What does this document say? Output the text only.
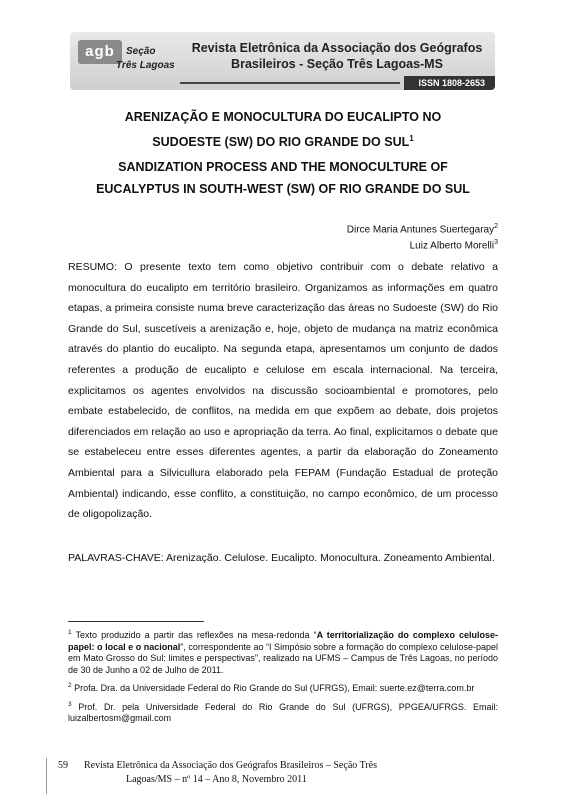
agb	Seção
Três Lagoas
Revista Eletrônica da Associação dos Geógrafos
Brasileiros - Seção Três Lagoas-MS
ISSN 1808-2653
ARENIZAÇÃO E MONOCULTURA DO EUCALIPTO NO
SUDOESTE (SW) DO RIO GRANDE DO SUL$^1$
SANDIZATION PROCESS AND THE MONOCULTURE OF
EUCALYPTUS IN SOUTH-WEST (SW) OF RIO GRANDE DO SUL
Dirce Maria Antunes Suertegaray$^2$
Luiz Alberto Morelli$^3$

RESUMO: O presente texto tem como objetivo contribuir com o debate relativo a monocultura do eucalipto em território brasileiro. Organizamos as informações em quatro etapas, a primeira consiste numa breve caracterização das áreas no Sudoeste (SW) do Rio Grande do Sul, suscetíveis a arenização e, hoje, objeto de mudança na matriz econômica através do plantio do eucalipto. Na segunda etapa, apresentamos um conjunto de dados referentes a produção de eucalipto e celulose em escala internacional. Na terceira, explicitamos os agentes envolvidos na discussão socioambiental e promotores, pelo embate estabelecido, de conflitos, na medida em que expõem ao debate, dois projetos diferenciados em relação ao uso e apropriação da terra. Ao final, explicitamos o debate que se estabeleceu entre esses diferentes agentes, a partir da elaboração do Zoneamento Ambiental para a Silvicullura elaborado pela FEPAM (Fundação Estadual de proteção Ambiental) indicando, esse conflito, a constituição, no campo econômico, de um processo de oligopolização.

PALAVRAS-CHAVE: Arenização. Celulose. Eucalipto. Monocultura. Zoneamento Ambiental.

$^1$ Texto produzido a partir das reflexões na mesa-redonda “A territorialização do complexo celulose-papel: o local e o nacional”, correspondente ao “I Simpósio sobre a formação do complexo celulose-papel em Mato Grosso do Sul: limites e perspectivas”, realizado na UFMS – Campus de Três Lagoas, no período de 30 de Junho a 02 de Julho de 2011.

$^2$ Profa. Dra. da Universidade Federal do Rio Grande do Sul (UFRGS), Email: suerte.ez@terra.com.br

$^3$ Prof. Dr. pela Universidade Federal do Rio Grande do Sul (UFRGS), PPGEA/UFRGS. Email: luizalbertosm@gmail.com

59 Revista Eletrônica da Associação dos Geógrafos Brasileiros – Seção Três
Lagoas/MS – nº 14 – Ano 8, Novembro 2011
